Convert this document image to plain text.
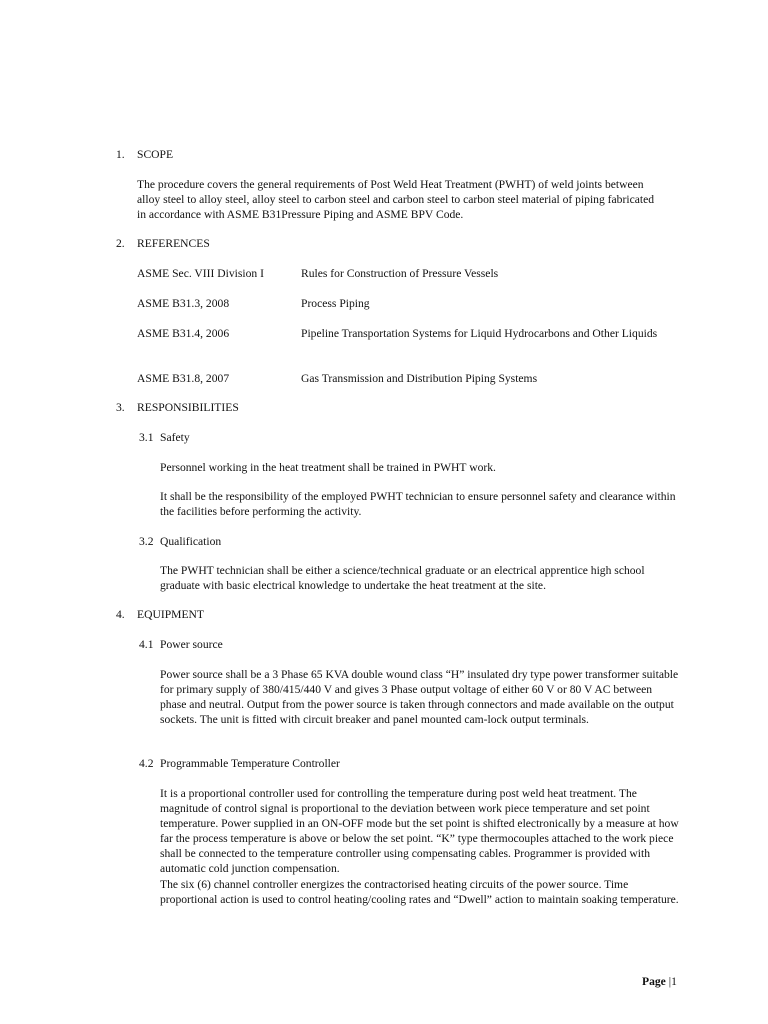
1. SCOPE
The procedure covers the general requirements of Post Weld Heat Treatment (PWHT) of weld joints between alloy steel to alloy steel, alloy steel to carbon steel and carbon steel to carbon steel material of piping fabricated in accordance with ASME B31Pressure Piping and ASME BPV Code.
2. REFERENCES
ASME Sec. VIII Division I	Rules for Construction of Pressure Vessels
ASME B31.3, 2008	Process Piping
ASME B31.4, 2006	Pipeline Transportation Systems for Liquid Hydrocarbons and Other Liquids
ASME B31.8, 2007	Gas Transmission and Distribution Piping Systems
3. RESPONSIBILITIES
3.1 Safety
Personnel working in the heat treatment shall be trained in PWHT work.
It shall be the responsibility of the employed PWHT technician to ensure personnel safety and clearance within the facilities before performing the activity.
3.2 Qualification
The PWHT technician shall be either a science/technical graduate or an electrical apprentice high school graduate with basic electrical knowledge to undertake the heat treatment at the site.
4. EQUIPMENT
4.1 Power source
Power source shall be a 3 Phase 65 KVA double wound class “H” insulated dry type power transformer suitable for primary supply of 380/415/440 V and gives 3 Phase output voltage of either 60 V or 80 V AC between phase and neutral. Output from the power source is taken through connectors and made available on the output sockets. The unit is fitted with circuit breaker and panel mounted cam-lock output terminals.
4.2 Programmable Temperature Controller
It is a proportional controller used for controlling the temperature during post weld heat treatment. The magnitude of control signal is proportional to the deviation between work piece temperature and set point temperature. Power supplied in an ON-OFF mode but the set point is shifted electronically by a measure at how far the process temperature is above or below the set point. “K” type thermocouples attached to the work piece shall be connected to the temperature controller using compensating cables. Programmer is provided with automatic cold junction compensation.
The six (6) channel controller energizes the contractorised heating circuits of the power source. Time proportional action is used to control heating/cooling rates and “Dwell” action to maintain soaking temperature.
Page |1
